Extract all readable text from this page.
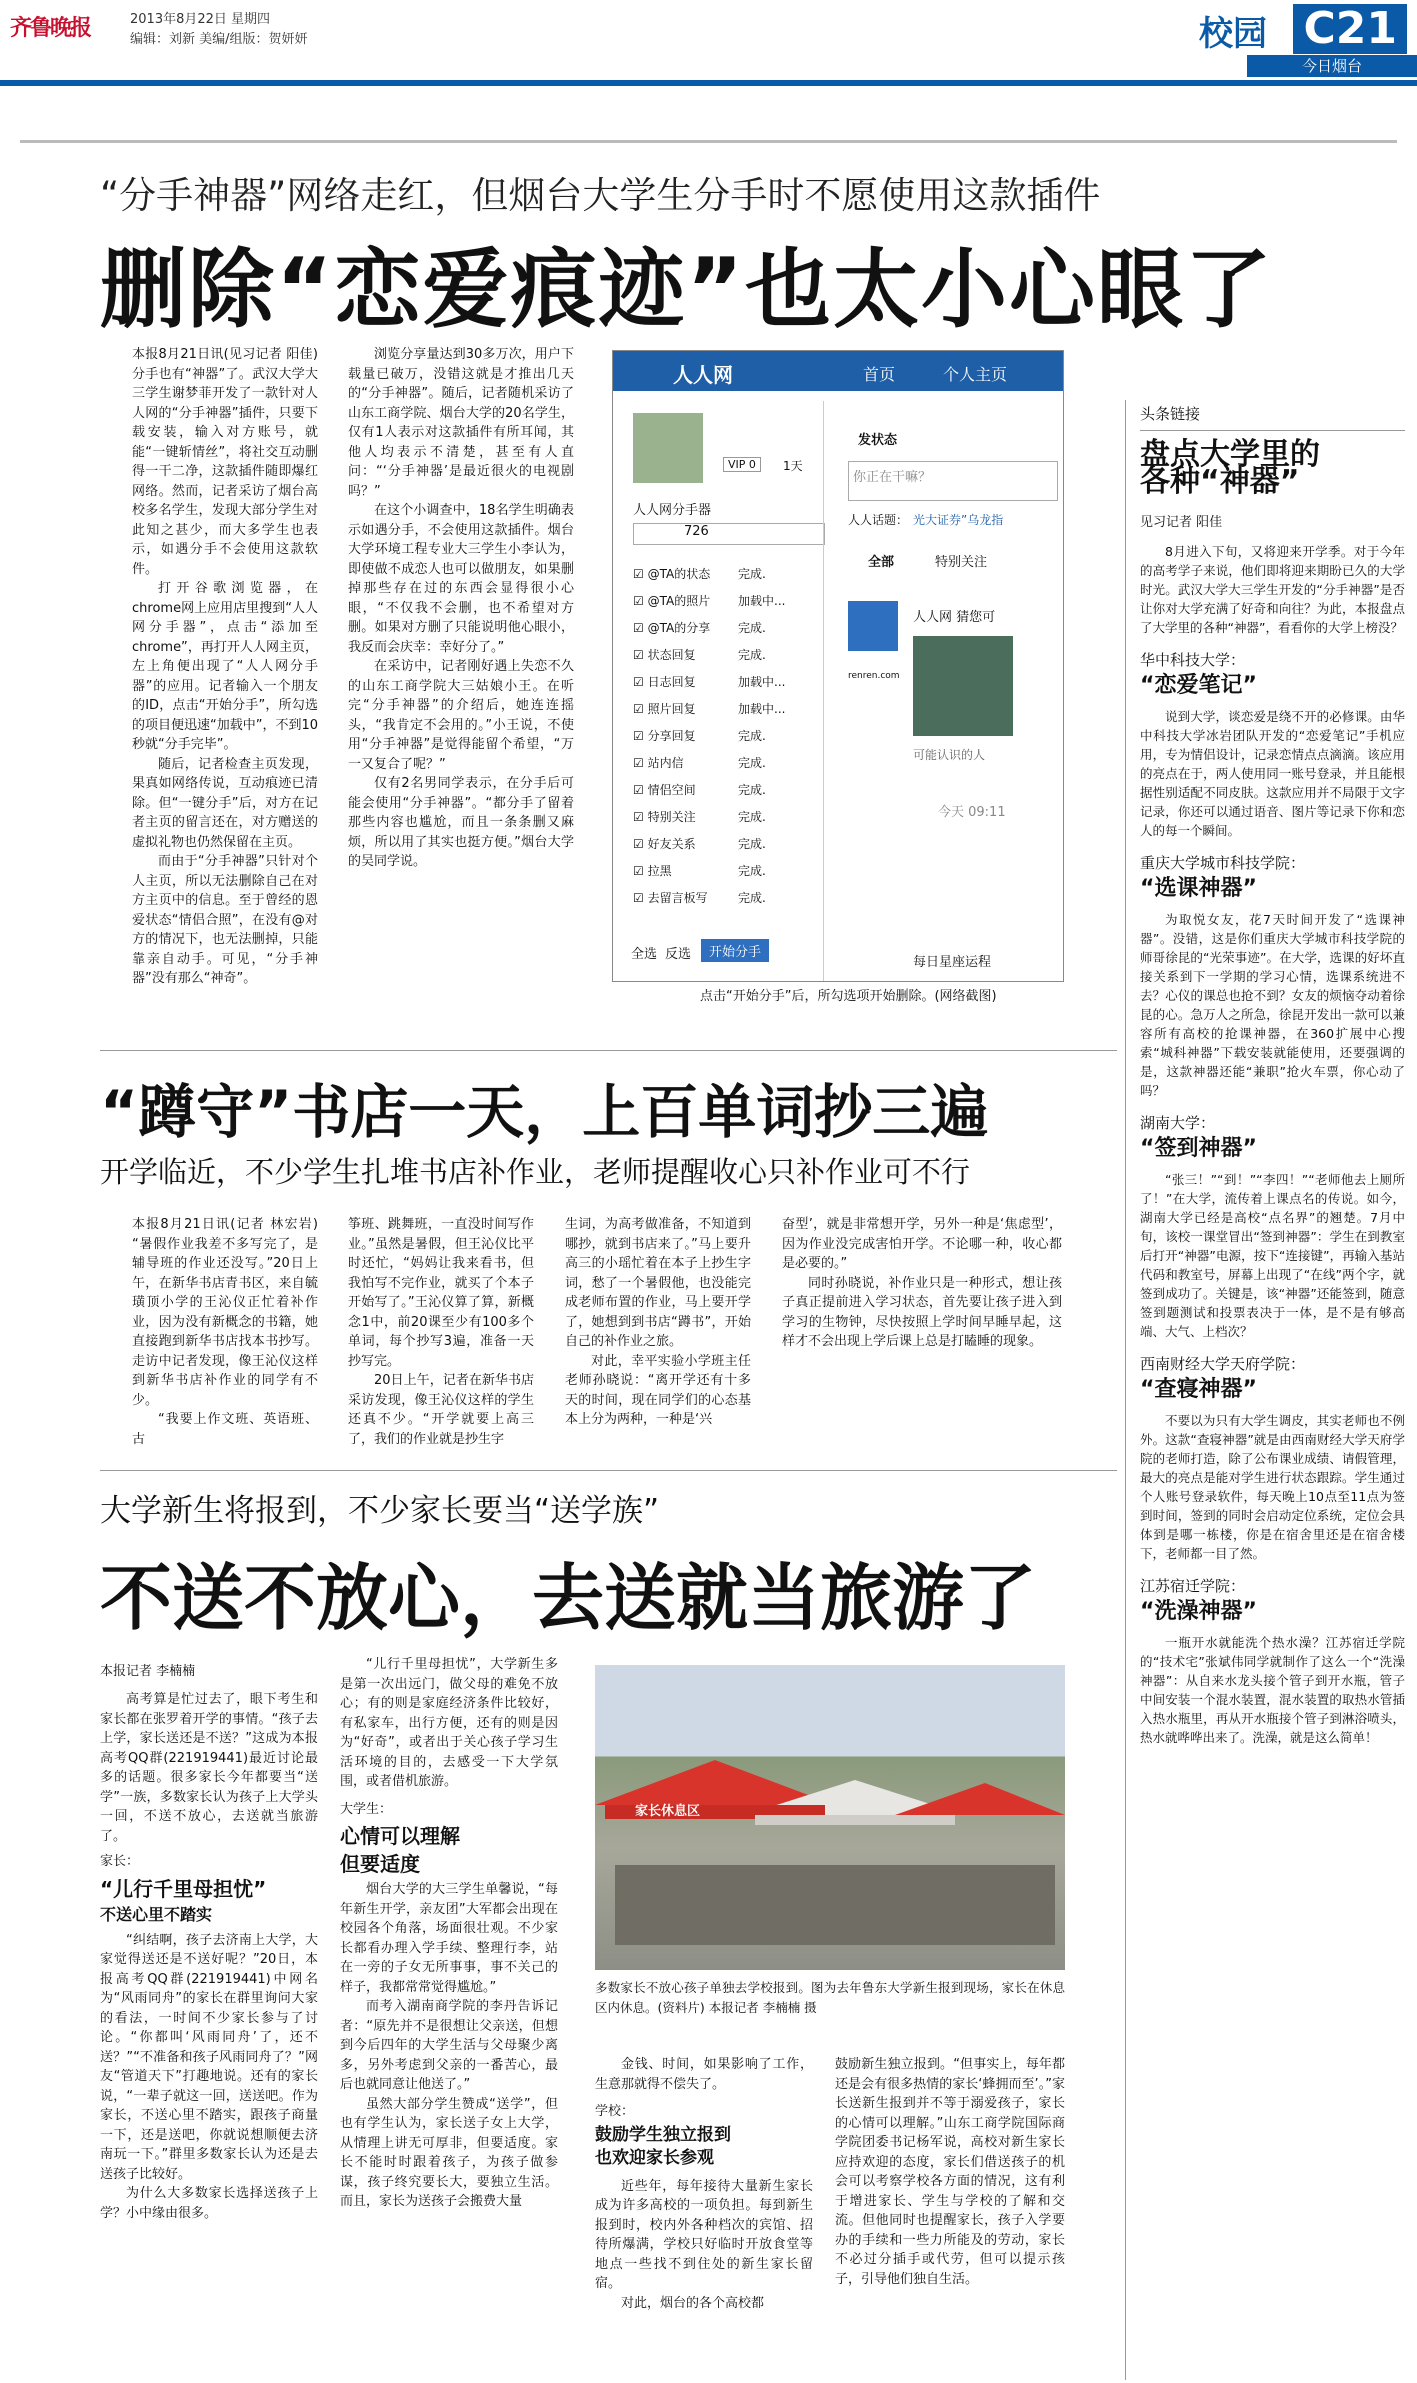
齐鲁晚报	2013年8月22日 星期四
编辑：刘新 美编/组版：贺妍妍	校园 C21
今日烟台
“分手神器”网络走红，但烟台大学生分手时不愿使用这款插件
删除“恋爱痕迹”也太小心眼了

本报8月21日讯(见习记者 阳佳) 分手也有“神器”了。武汉大学大三学生谢梦菲开发了一款针对人人网的“分手神器”插件，只要下载安装，输入对方账号，就能“一键斩情丝”，将社交互动删得一干二净，这款插件随即爆红网络。然而，记者采访了烟台高校多名学生，发现大部分学生对此知之甚少，而大多学生也表示，如遇分手不会使用这款软件。

打开谷歌浏览器，在chrome网上应用店里搜到“人人网分手器”，点击“添加至chrome”，再打开人人网主页，左上角便出现了“人人网分手器”的应用。记者输入一个朋友的ID，点击“开始分手”，所勾选的项目便迅速“加载中”，不到10秒就“分手完毕”。

随后，记者检查主页发现，果真如网络传说，互动痕迹已清除。但“一键分手”后，对方在记者主页的留言还在，对方赠送的虚拟礼物也仍然保留在主页。

而由于“分手神器”只针对个人主页，所以无法删除自己在对方主页中的信息。至于曾经的恩爱状态“情侣合照”，在没有@对方的情况下，也无法删掉，只能靠亲自动手。可见，“分手神器”没有那么“神奇”。

浏览分享量达到30多万次，用户下载量已破万，没错这就是才推出几天的“分手神器”。随后，记者随机采访了山东工商学院、烟台大学的20名学生，仅有1人表示对这款插件有所耳闻，其他人均表示不清楚，甚至有人直问：“‘分手神器’是最近很火的电视剧吗？”

在这个小调查中，18名学生明确表示如遇分手，不会使用这款插件。烟台大学环境工程专业大三学生小李认为，即使做不成恋人也可以做朋友，如果删掉那些存在过的东西会显得很小心眼，“不仅我不会删，也不希望对方删。如果对方删了只能说明他心眼小，我反而会庆幸：幸好分了。”

在采访中，记者刚好遇上失恋不久的山东工商学院大三姑娘小王。在听完“分手神器”的介绍后，她连连摇头，“我肯定不会用的。”小王说，不使用“分手神器”是觉得能留个希望，“万一又复合了呢？”

仅有2名男同学表示，在分手后可能会使用“分手神器”。“都分手了留着那些内容也尴尬，而且一条条删又麻烦，所以用了其实也挺方便。”烟台大学的吴同学说。

人人网	首页	个人主页
VIP 0	1天
人人网分手器
726
☑ @TA的状态 完成.
☑ @TA的照片 加载中...
☑ @TA的分享 完成.
☑ 状态回复	完成.
☑ 日志回复	加载中...
☑ 照片回复	加载中...
☑ 分享回复	完成.
☑ 站内信	完成.
☑ 情侣空间	完成.
☑ 特别关注	完成.
☑ 好友关系	完成.
☑ 拉黑	完成.
☑ 去留言板写	完成.
全选 反选	开始分手
发状态
你正在干嘛？
人人话题： 光大证券”乌龙指
全部	特别关注
人人网 猜您可
可能认识的人
今天 09:11
renren.com
每日星座运程
点击“开始分手”后，所勾选项开始删除。(网络截图)
头条链接
盘点大学里的
各种“神器”
见习记者 阳佳

8月进入下旬，又将迎来开学季。对于今年的高考学子来说，他们即将迎来期盼已久的大学时光。武汉大学大三学生开发的“分手神器”是否让你对大学充满了好奇和向往？为此，本报盘点了大学里的各种“神器”，看看你的大学上榜没？

华中科技大学：
“恋爱笔记”

说到大学，谈恋爱是绕不开的必修课。由华中科技大学冰岩团队开发的“恋爱笔记”手机应用，专为情侣设计，记录恋情点点滴滴。该应用的亮点在于，两人使用同一账号登录，并且能根据性别适配不同皮肤。这款应用并不局限于文字记录，你还可以通过语音、图片等记录下你和恋人的每一个瞬间。

重庆大学城市科技学院：
“选课神器”

为取悦女友，花7天时间开发了“选课神器”。没错，这是你们重庆大学城市科技学院的师哥徐昆的“光荣事迹”。在大学，选课的好坏直接关系到下一学期的学习心情，选课系统进不去？心仪的课总也抢不到？女友的烦恼夺动着徐昆的心。急万人之所急，徐昆开发出一款可以兼容所有高校的抢课神器，在360扩展中心搜索“城科神器”下载安装就能使用，还要强调的是，这款神器还能“兼职”抢火车票，你心动了吗？

湖南大学：
“签到神器”

“张三！”“到！”“李四！”“老师他去上厕所了！”在大学，流传着上课点名的传说。如今，湖南大学已经是高校“点名界”的翘楚。7月中旬，该校一课堂冒出“签到神器”：学生在到教室后打开“神器”电源，按下“连接键”，再输入基站代码和教室号，屏幕上出现了“在线”两个字，就签到成功了。关键是，该“神器”还能签到，随意签到题测试和投票表决于一体，是不是有够高端、大气、上档次？

西南财经大学天府学院：
“查寝神器”

不要以为只有大学生调皮，其实老师也不例外。这款“查寝神器”就是由西南财经大学天府学院的老师打造，除了公布课业成绩、请假管理，最大的亮点是能对学生进行状态跟踪。学生通过个人账号登录软件，每天晚上10点至11点为签到时间，签到的同时会启动定位系统，定位会具体到是哪一栋楼，你是在宿舍里还是在宿舍楼下，老师都一目了然。

江苏宿迁学院：
“洗澡神器”

一瓶开水就能洗个热水澡？江苏宿迁学院的“技术宅”张斌伟同学就制作了这么一个“洗澡神器”：从自来水龙头接个管子到开水瓶，管子中间安装一个混水装置，混水装置的取热水管插入热水瓶里，再从开水瓶接个管子到淋浴喷头，热水就哗哗出来了。洗澡，就是这么简单！

“蹲守”书店一天，上百单词抄三遍
开学临近，不少学生扎堆书店补作业，老师提醒收心只补作业可不行

本报8月21日讯(记者 林宏岩) “暑假作业我差不多写完了，是辅导班的作业还没写。”20日上午，在新华书店青书区，来自毓璜顶小学的王沁仪正忙着补作业，因为没有新概念的书籍，她直接跑到新华书店找本书抄写。走访中记者发现，像王沁仪这样到新华书店补作业的同学有不少。

“我要上作文班、英语班、古

筝班、跳舞班，一直没时间写作业。”虽然是暑假，但王沁仪比平时还忙，“妈妈让我来看书，但我怕写不完作业，就买了个本子开始写了。”王沁仪算了算，新概念1中，前20课至少有100多个单词，每个抄写3遍，准备一天抄写完。

20日上午，记者在新华书店采访发现，像王沁仪这样的学生还真不少。“开学就要上高三了，我们的作业就是抄生字

生词，为高考做准备，不知道到哪抄，就到书店来了。”马上要升高三的小瑶忙着在本子上抄生字词，愁了一个暑假他，也没能完成老师布置的作业，马上要开学了，她想到到书店“蹲书”，开始自己的补作业之旅。

对此，幸平实验小学班主任老师孙晓说：“离开学还有十多天的时间，现在同学们的心态基本上分为两种，一种是‘兴

奋型’，就是非常想开学，另外一种是‘焦虑型’，因为作业没完成害怕开学。不论哪一种，收心都是必要的。”

同时孙晓说，补作业只是一种形式，想让孩子真正提前进入学习状态，首先要让孩子进入到学习的生物钟，尽快按照上学时间早睡早起，这样才不会出现上学后课上总是打瞌睡的现象。

大学新生将报到，不少家长要当“送学族”
不送不放心，去送就当旅游了
本报记者 李楠楠

高考算是忙过去了，眼下考生和家长都在张罗着开学的事情。“孩子去上学，家长送还是不送？”这成为本报高考QQ群(221919441)最近讨论最多的话题。很多家长今年都要当“送学”一族，多数家长认为孩子上大学头一回，不送不放心，去送就当旅游了。

家长：
“儿行千里母担忧”
不送心里不踏实

“纠结啊，孩子去济南上大学，大家觉得送还是不送好呢？”20日，本报高考QQ群(221919441)中网名为“风雨同舟”的家长在群里询问大家的看法，一时间不少家长参与了讨论。“你都叫‘风雨同舟’了，还不送？”“不准备和孩子风雨同舟了？”网友“管道天下”打趣地说。还有的家长说，“一辈子就这一回，送送吧。作为家长，不送心里不踏实，跟孩子商量一下，还是送吧，你就说想顺便去济南玩一下。”群里多数家长认为还是去送孩子比较好。

为什么大多数家长选择送孩子上学？小中缘由很多。

“儿行千里母担忧”，大学新生多是第一次出远门，做父母的难免不放心；有的则是家庭经济条件比较好，有私家车，出行方便，还有的则是因为“好奇”，或者出于关心孩子学习生活环境的目的，去感受一下大学氛围，或者借机旅游。

大学生：
心情可以理解
但要适度

烟台大学的大三学生单馨说，“每年新生开学，亲友团”大军都会出现在校园各个角落，场面很壮观。不少家长都看办理入学手续、整理行李，站在一旁的子女无所事事，事不关己的样子，我都常常觉得尴尬。”

而考入湖南商学院的李丹告诉记者：“原先并不是很想让父亲送，但想到今后四年的大学生活与父母聚少离多，另外考虑到父亲的一番苦心，最后也就同意让他送了。”

虽然大部分学生赞成“送学”，但也有学生认为，家长送子女上大学，从情理上讲无可厚非，但要适度。家长不能时时跟着孩子，为孩子做参谋，孩子终究要长大，要独立生活。而且，家长为送孩子会搬费大量

家长休息区
多数家长不放心孩子单独去学校报到。图为去年鲁东大学新生报到现场，家长在休息区内休息。(资料片) 本报记者 李楠楠 摄

金钱、时间，如果影响了工作，生意那就得不偿失了。

学校：
鼓励学生独立报到
也欢迎家长参观

近些年，每年接待大量新生家长成为许多高校的一项负担。每到新生报到时，校内外各种档次的宾馆、招待所爆满，学校只好临时开放食堂等地点一些找不到住处的新生家长留宿。

对此，烟台的各个高校都

鼓励新生独立报到。“但事实上，每年都还是会有很多热情的家长‘蜂拥而至’。”家长送新生报到并不等于溺爱孩子，家长的心情可以理解。”山东工商学院国际商学院团委书记杨军说，高校对新生家长应持欢迎的态度，家长们借送孩子的机会可以考察学校各方面的情况，这有利于增进家长、学生与学校的了解和交流。但他同时也提醒家长，孩子入学要办的手续和一些力所能及的劳动，家长不必过分插手或代劳，但可以提示孩子，引导他们独自生活。
